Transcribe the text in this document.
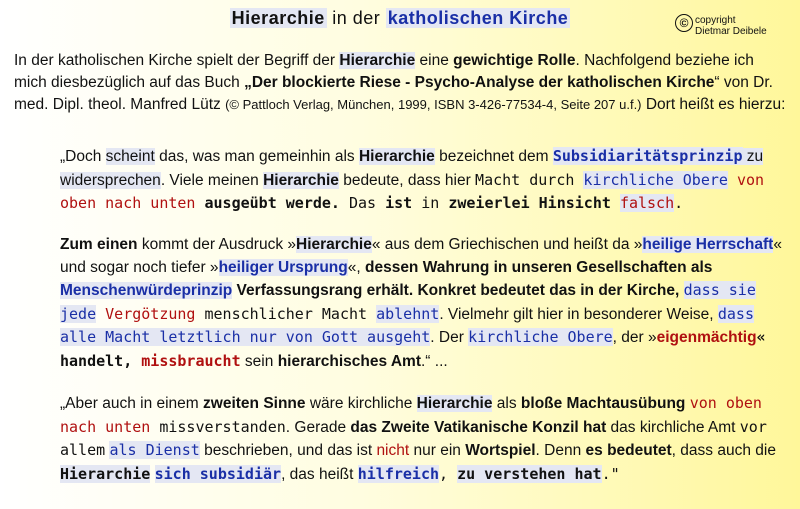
Hierarchie in der katholischen Kirche	© copyright
Dietmar Deibele
In der katholischen Kirche spielt der Begriff der Hierarchie eine gewichtige Rolle. Nachfolgend beziehe ich mich diesbezüglich auf das Buch „Der blockierte Riese - Psycho-Analyse der katholischen Kirche“ von Dr. med. Dipl. theol. Manfred Lütz (© Pattloch Verlag, München, 1999, ISBN 3-426-77534-4, Seite 207 u.f.) Dort heißt es hierzu:
„Doch scheint das, was man gemeinhin als Hierarchie bezeichnet dem Subsidiaritätsprinzip zu widersprechen. Viele meinen Hierarchie bedeute, dass hier Macht durch kirchliche Obere von oben nach unten ausgeübt werde. Das ist in zweierlei Hinsicht falsch.
Zum einen kommt der Ausdruck »Hierarchie« aus dem Griechischen und heißt da »heilige Herrschaft« und sogar noch tiefer »heiliger Ursprung«, dessen Wahrung in unseren Gesellschaften als Menschenwürdeprinzip Verfassungsrang erhält. Konkret bedeutet das in der Kirche, dass sie jede Vergötzung menschlicher Macht ablehnt. Vielmehr gilt hier in besonderer Weise, dass alle Macht letztlich nur von Gott ausgeht. Der kirchliche Obere, der »eigenmächtig« handelt, missbraucht sein hierarchisches Amt.“ ...
„Aber auch in einem zweiten Sinne wäre kirchliche Hierarchie als bloße Machtausübung von oben nach unten missverstanden. Gerade das Zweite Vatikanische Konzil hat das kirchliche Amt vor allem als Dienst beschrieben, und das ist nicht nur ein Wortspiel. Denn es bedeutet, dass auch die Hierarchie sich subsidiär, das heißt hilfreich, zu verstehen hat."
